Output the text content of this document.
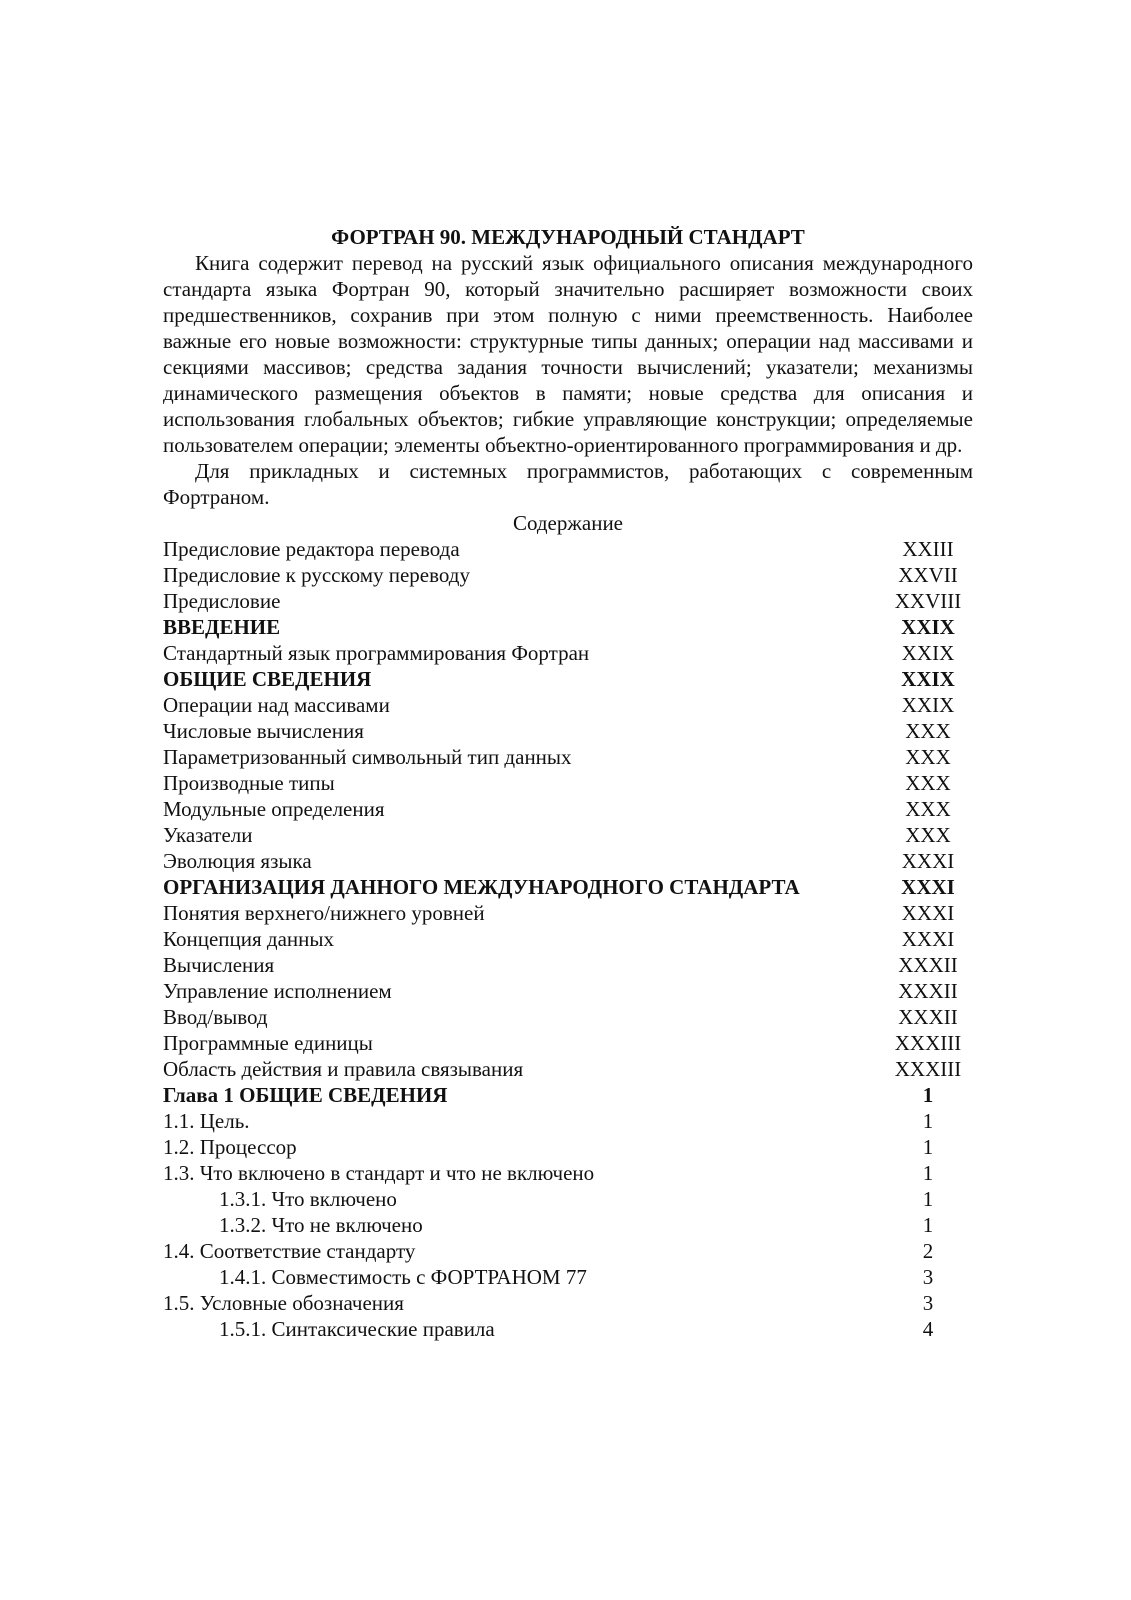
ФОРТРАН 90. МЕЖДУНАРОДНЫЙ СТАНДАРТ

Книга содержит перевод на русский язык официального описания международного стандарта языка Фортран 90, который значительно расширяет возможности своих предшественников, сохранив при этом полную с ними преемственность. Наиболее важные его новые возможности: структурные типы данных; операции над массивами и секциями массивов; средства задания точности вычислений; указатели; механизмы динамического размещения объектов в памяти; новые средства для описания и использования глобальных объектов; гибкие управляющие конструкции; определяемые пользователем операции; элементы объектно-ориентированного программирования и др.

Для прикладных и системных программистов, работающих с современным Фортраном.

Содержание

Предисловие редактора перевода	XXIII
Предисловие к русскому переводу	XXVII
Предисловие	XXVIII
ВВЕДЕНИЕ	XXIX
Стандартный язык программирования Фортран	XXIX
ОБЩИЕ СВЕДЕНИЯ	XXIX
Операции над массивами	XXIX
Числовые вычисления	XXX
Параметризованный символьный тип данных	XXX
Производные типы	XXX
Модульные определения	XXX
Указатели	XXX
Эволюция языка	XXXI
ОРГАНИЗАЦИЯ ДАННОГО МЕЖДУНАРОДНОГО СТАНДАРТА	XXXI
Понятия верхнего/нижнего уровней	XXXI
Концепция данных	XXXI
Вычисления	XXXII
Управление исполнением	XXXII
Ввод/вывод	XXXII
Программные единицы	XXXIII
Область действия и правила связывания	XXXIII
Глава 1 ОБЩИЕ СВЕДЕНИЯ	1
1.1. Цель.	1
1.2. Процессор	1
1.3. Что включено в стандарт и что не включено	1
1.3.1. Что включено	1
1.3.2. Что не включено	1
1.4. Соответствие стандарту	2
1.4.1. Совместимость с ФОРТРАНОМ 77	3
1.5. Условные обозначения	3
1.5.1. Синтаксические правила	4
